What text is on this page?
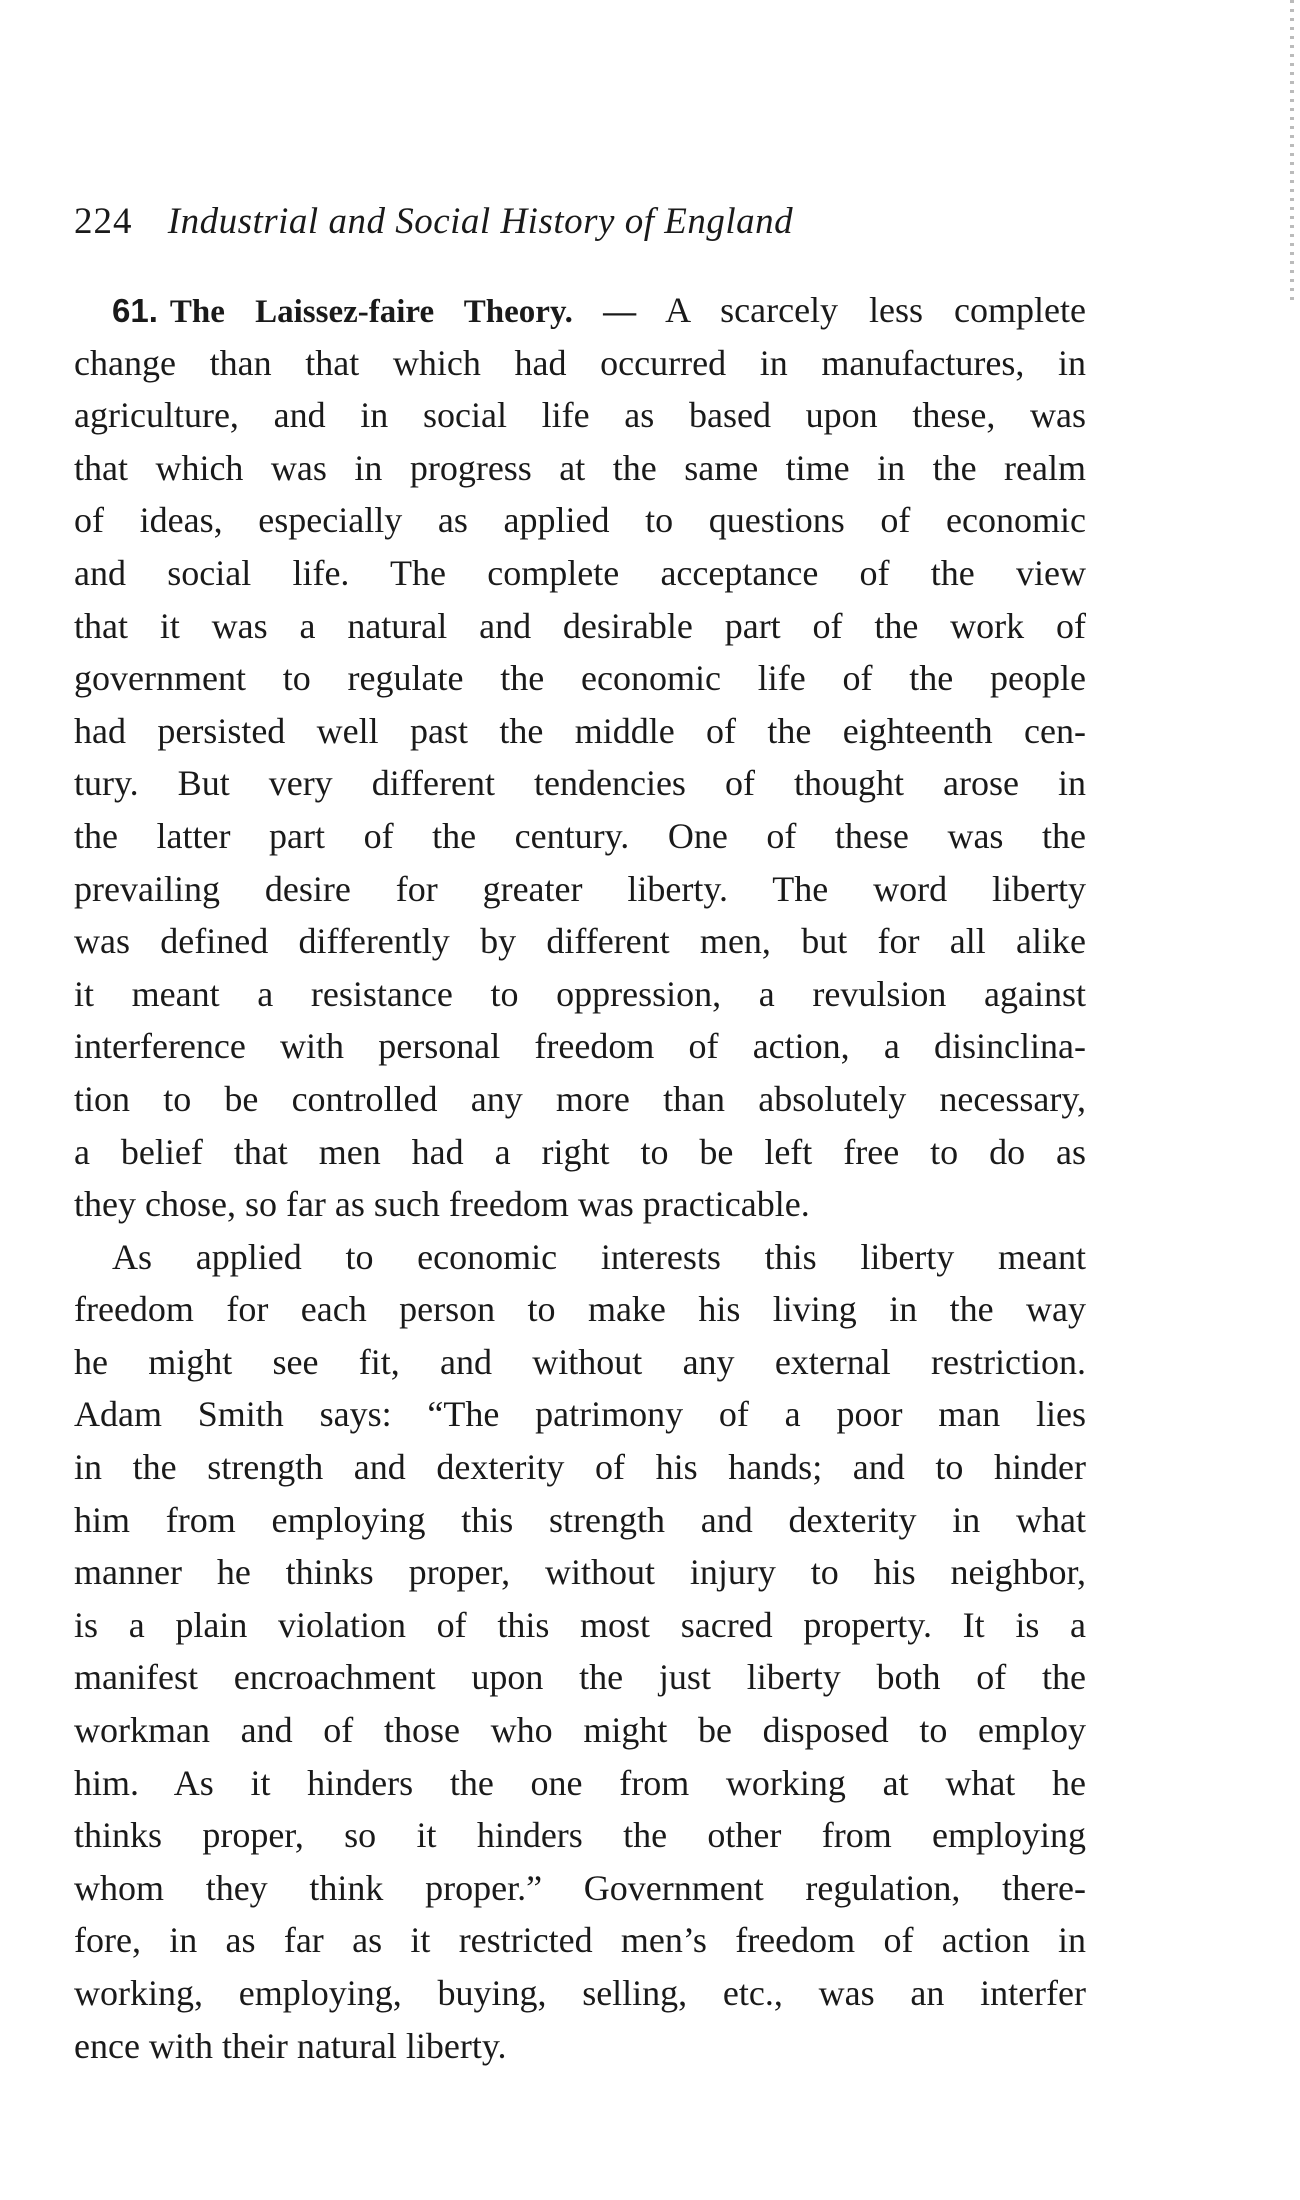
224 Industrial and Social History of England
61. The Laissez-faire Theory. — A scarcely less complete
change than that which had occurred in manufactures, in
agriculture, and in social life as based upon these, was
that which was in progress at the same time in the realm
of ideas, especially as applied to questions of economic
and social life. The complete acceptance of the view
that it was a natural and desirable part of the work of
government to regulate the economic life of the people
had persisted well past the middle of the eighteenth cen-
tury. But very different tendencies of thought arose in
the latter part of the century. One of these was the
prevailing desire for greater liberty. The word liberty
was defined differently by different men, but for all alike
it meant a resistance to oppression, a revulsion against
interference with personal freedom of action, a disinclina-
tion to be controlled any more than absolutely necessary,
a belief that men had a right to be left free to do as
they chose, so far as such freedom was practicable.
As applied to economic interests this liberty meant
freedom for each person to make his living in the way
he might see fit, and without any external restriction.
Adam Smith says: “The patrimony of a poor man lies
in the strength and dexterity of his hands; and to hinder
him from employing this strength and dexterity in what
manner he thinks proper, without injury to his neighbor,
is a plain violation of this most sacred property. It is a
manifest encroachment upon the just liberty both of the
workman and of those who might be disposed to employ
him. As it hinders the one from working at what he
thinks proper, so it hinders the other from employing
whom they think proper.” Government regulation, there-
fore, in as far as it restricted men’s freedom of action in
working, employing, buying, selling, etc., was an interfer
ence with their natural liberty.
